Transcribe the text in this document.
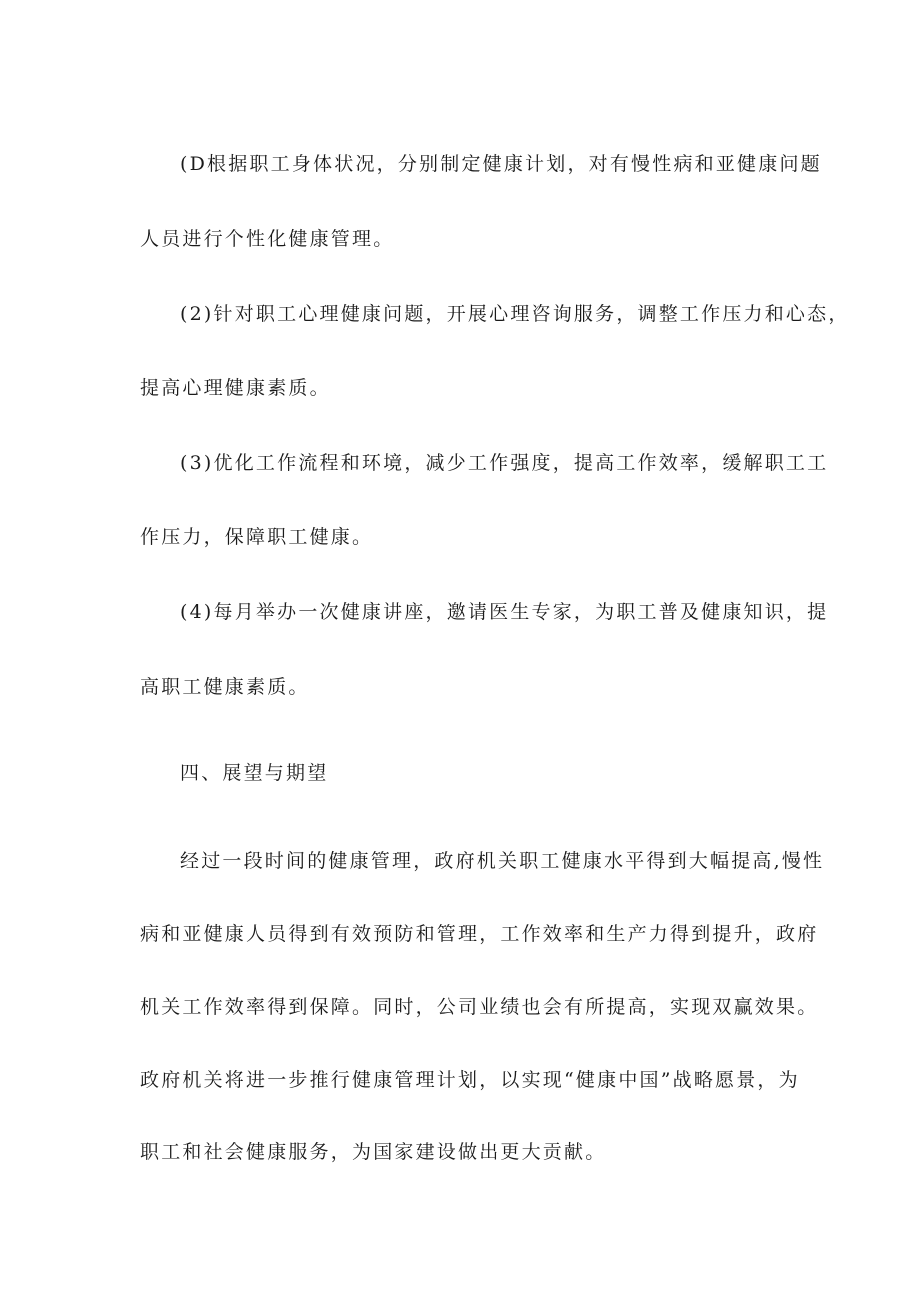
(D根据职工身体状况，分别制定健康计划，对有慢性病和亚健康问题
人员进行个性化健康管理。
(2)针对职工心理健康问题，开展心理咨询服务，调整工作压力和心态，
提高心理健康素质。
(3)优化工作流程和环境，减少工作强度，提高工作效率，缓解职工工
作压力，保障职工健康。
(4)每月举办一次健康讲座，邀请医生专家，为职工普及健康知识，提
高职工健康素质。
四、展望与期望
经过一段时间的健康管理，政府机关职工健康水平得到大幅提高,慢性
病和亚健康人员得到有效预防和管理，工作效率和生产力得到提升，政府
机关工作效率得到保障。同时，公司业绩也会有所提高，实现双赢效果。
政府机关将进一步推行健康管理计划，以实现“健康中国”战略愿景，为
职工和社会健康服务，为国家建设做出更大贡献。
